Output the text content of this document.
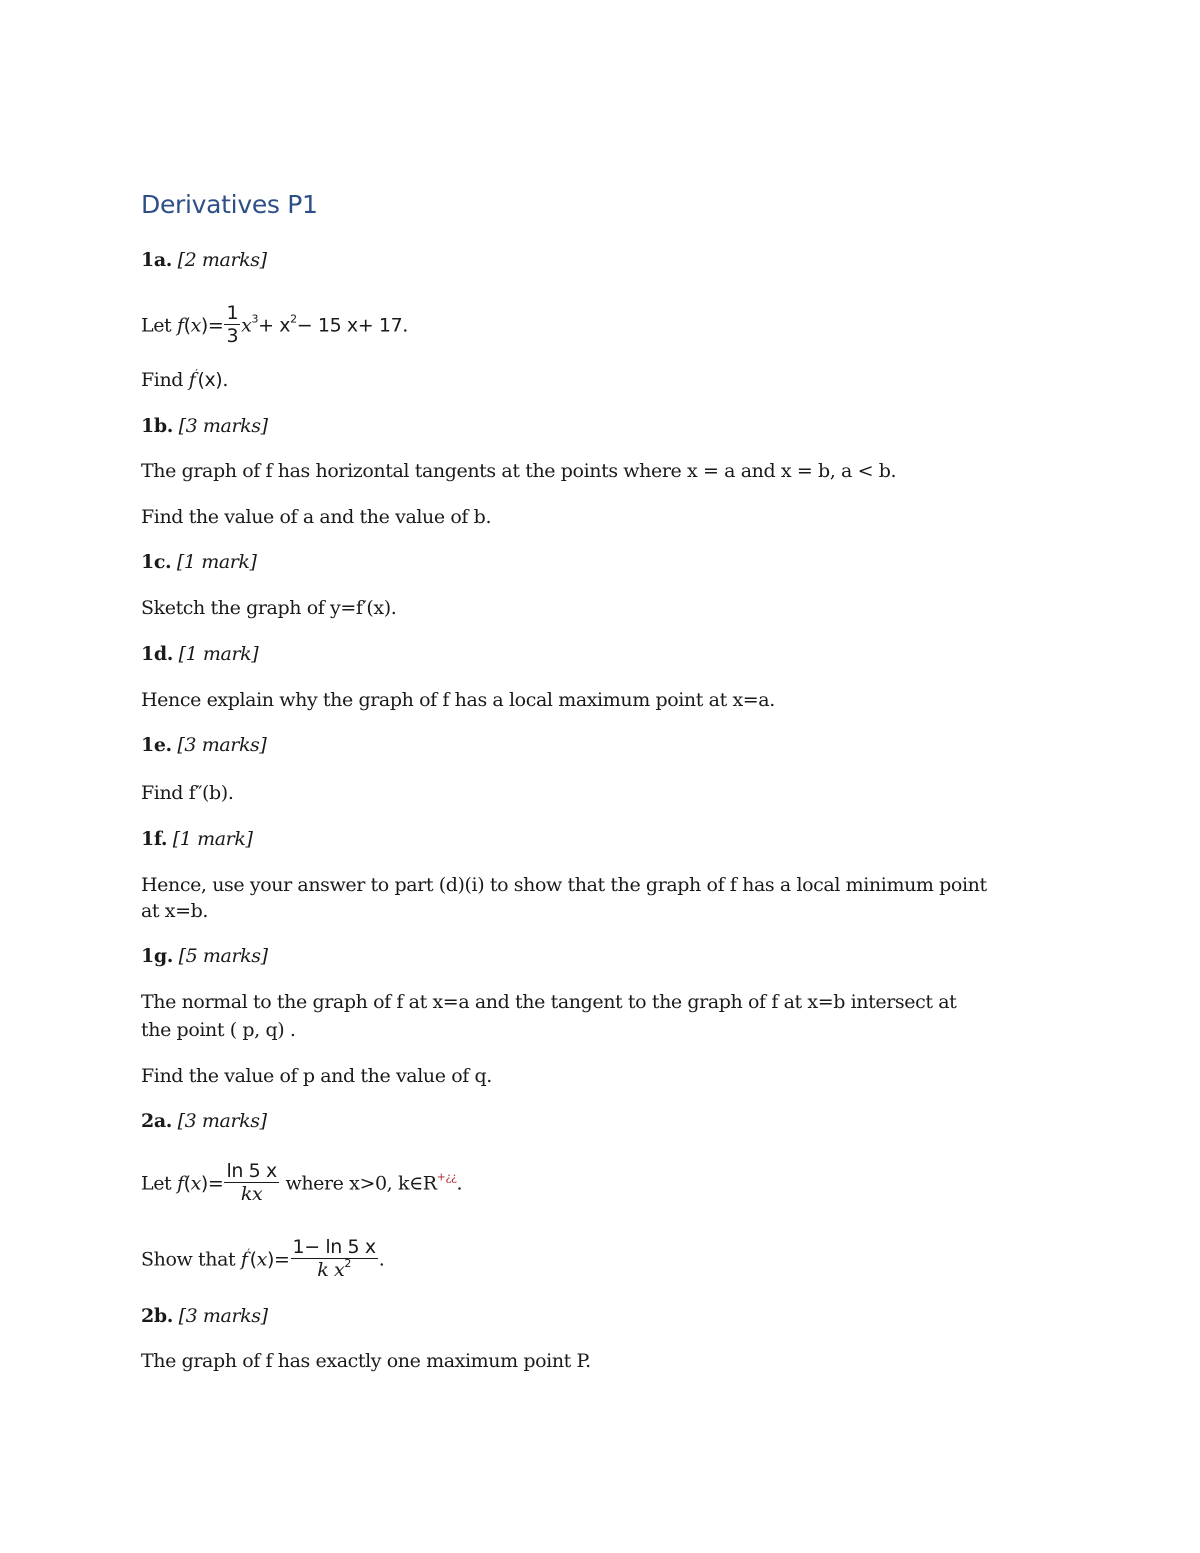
Derivatives P1
1a. [2 marks]
Let $f(x)= \frac{1}{3} x^3+ x^2- 15$ x+ 17.
Find f′(x).
1b. [3 marks]
The graph of f has horizontal tangents at the points where x = a and x = b, a < b.
Find the value of a and the value of b.
1c. [1 mark]
Sketch the graph of y=f′(x).
1d. [1 mark]
Hence explain why the graph of f has a local maximum point at x=a.
1e. [3 marks]
Find f″(b).
1f. [1 mark]
Hence, use your answer to part (d)(i) to show that the graph of f has a local minimum point
at x=b.
1g. [5 marks]
The normal to the graph of f at x=a and the tangent to the graph of f at x=b intersect at
the point ( p, q) .
Find the value of p and the value of q.
2a. [3 marks]
Let $f(x)= \frac{\ln 5 x}{kx}$ where x>0, k∈R+¿¿.
Show that $f'(x)= \frac{1- \ln 5 x}{k x^2}$ .
2b. [3 marks]
The graph of f has exactly one maximum point P.
